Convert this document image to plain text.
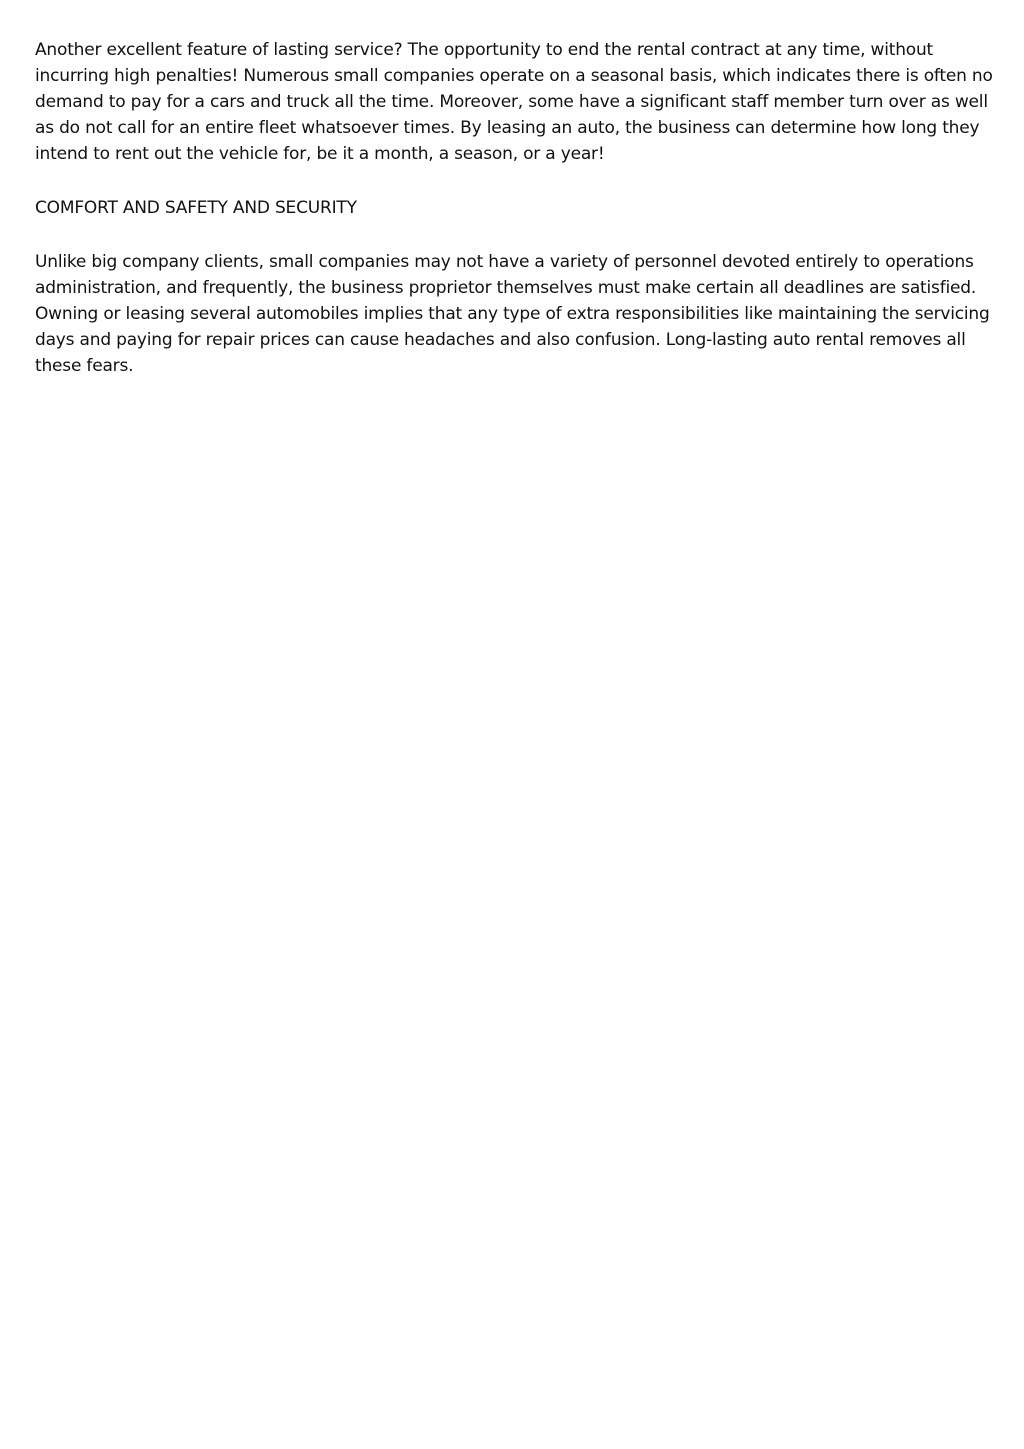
Another excellent feature of lasting service? The opportunity to end the rental contract at any time, without incurring high penalties! Numerous small companies operate on a seasonal basis, which indicates there is often no demand to pay for a cars and truck all the time. Moreover, some have a significant staff member turn over as well as do not call for an entire fleet whatsoever times. By leasing an auto, the business can determine how long they intend to rent out the vehicle for, be it a month, a season, or a year!

COMFORT AND SAFETY AND SECURITY

Unlike big company clients, small companies may not have a variety of personnel devoted entirely to operations administration, and frequently, the business proprietor themselves must make certain all deadlines are satisfied. Owning or leasing several automobiles implies that any type of extra responsibilities like maintaining the servicing days and paying for repair prices can cause headaches and also confusion. Long-lasting auto rental removes all these fears.
